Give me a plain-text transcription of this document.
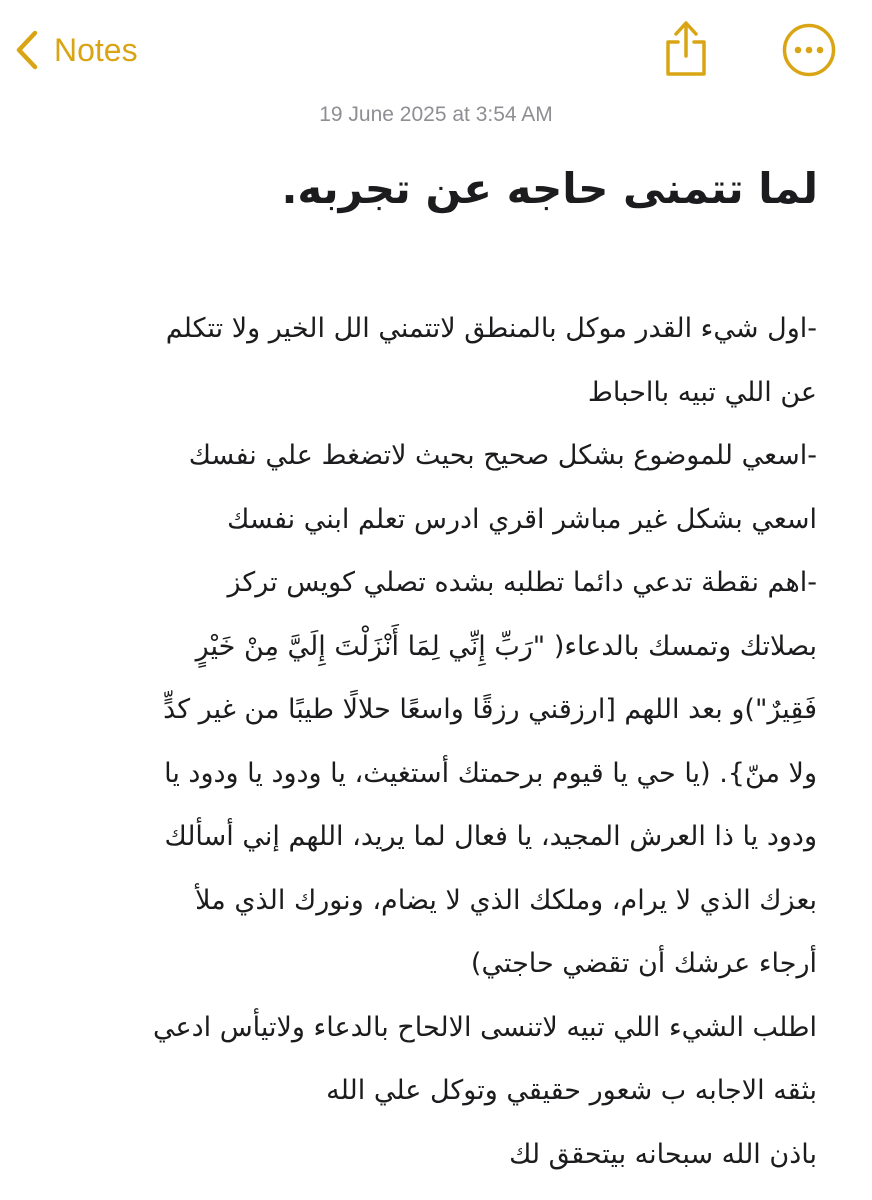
Notes
19 June 2025 at 3:54 AM
لما تتمنى حاجه عن تجربه.
-اول شيء القدر موكل بالمنطق لاتتمني الل الخير ولا تتكلم
عن اللي تبيه بااحباط
-اسعي للموضوع بشكل صحيح بحيث لاتضغط علي نفسك
اسعي بشكل غير مباشر اقري ادرس تعلم ابني نفسك
-اهم نقطة تدعي دائما تطلبه بشده تصلي كويس تركز
بصلاتك وتمسك بالدعاء( "رَبِّ إِنِّي لِمَا أَنْزَلْتَ إِلَيَّ مِنْ خَيْرٍ
فَقِيرٌ")و بعد اللهم [ارزقني رزقًا واسعًا حلالًا طيبًا من غير كدٍّ
ولا منّ}. (يا حي يا قيوم برحمتك أستغيث، يا ودود يا ودود يا
ودود يا ذا العرش المجيد، يا فعال لما يريد، اللهم إني أسألك
بعزك الذي لا يرام، وملكك الذي لا يضام، ونورك الذي ملأ
أرجاء عرشك أن تقضي حاجتي)
اطلب الشيء اللي تبيه لاتنسى الالحاح بالدعاء ولاتيأس ادعي
بثقه الاجابه ب شعور حقيقي وتوكل علي الله
باذن الله سبحانه بيتحقق لك
